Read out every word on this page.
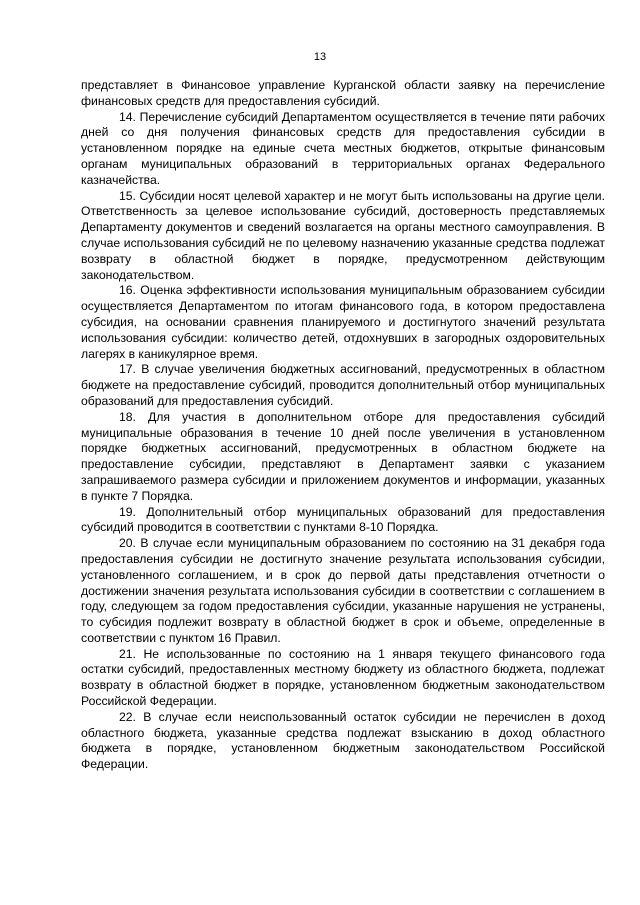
13

представляет в Финансовое управление Курганской области заявку на перечисление финансовых средств для предоставления субсидий.

14. Перечисление субсидий Департаментом осуществляется в течение пяти рабочих дней со дня получения финансовых средств для предоставления субсидии в установленном порядке на единые счета местных бюджетов, открытые финансовым органам муниципальных образований в территориальных органах Федерального казначейства.

15. Субсидии носят целевой характер и не могут быть использованы на другие цели. Ответственность за целевое использование субсидий, достоверность представляемых Департаменту документов и сведений возлагается на органы местного самоуправления. В случае использования субсидий не по целевому назначению указанные средства подлежат возврату в областной бюджет в порядке, предусмотренном действующим законодательством.

16. Оценка эффективности использования муниципальным образованием субсидии осуществляется Департаментом по итогам финансового года, в котором предоставлена субсидия, на основании сравнения планируемого и достигнутого значений результата использования субсидии: количество детей, отдохнувших в загородных оздоровительных лагерях в каникулярное время.

17. В случае увеличения бюджетных ассигнований, предусмотренных в областном бюджете на предоставление субсидий, проводится дополнительный отбор муниципальных образований для предоставления субсидий.

18. Для участия в дополнительном отборе для предоставления субсидий муниципальные образования в течение 10 дней после увеличения в установленном порядке бюджетных ассигнований, предусмотренных в областном бюджете на предоставление субсидии, представляют в Департамент заявки с указанием запрашиваемого размера субсидии и приложением документов и информации, указанных в пункте 7 Порядка.

19. Дополнительный отбор муниципальных образований для предоставления субсидий проводится в соответствии с пунктами 8-10 Порядка.

20. В случае если муниципальным образованием по состоянию на 31 декабря года предоставления субсидии не достигнуто значение результата использования субсидии, установленного соглашением, и в срок до первой даты представления отчетности о достижении значения результата использования субсидии в соответствии с соглашением в году, следующем за годом предоставления субсидии, указанные нарушения не устранены, то субсидия подлежит возврату в областной бюджет в срок и объеме, определенные в соответствии с пунктом 16 Правил.

21. Не использованные по состоянию на 1 января текущего финансового года остатки субсидий, предоставленных местному бюджету из областного бюджета, подлежат возврату в областной бюджет в порядке, установленном бюджетным законодательством Российской Федерации.

22. В случае если неиспользованный остаток субсидии не перечислен в доход областного бюджета, указанные средства подлежат взысканию в доход областного бюджета в порядке, установленном бюджетным законодательством Российской Федерации.
